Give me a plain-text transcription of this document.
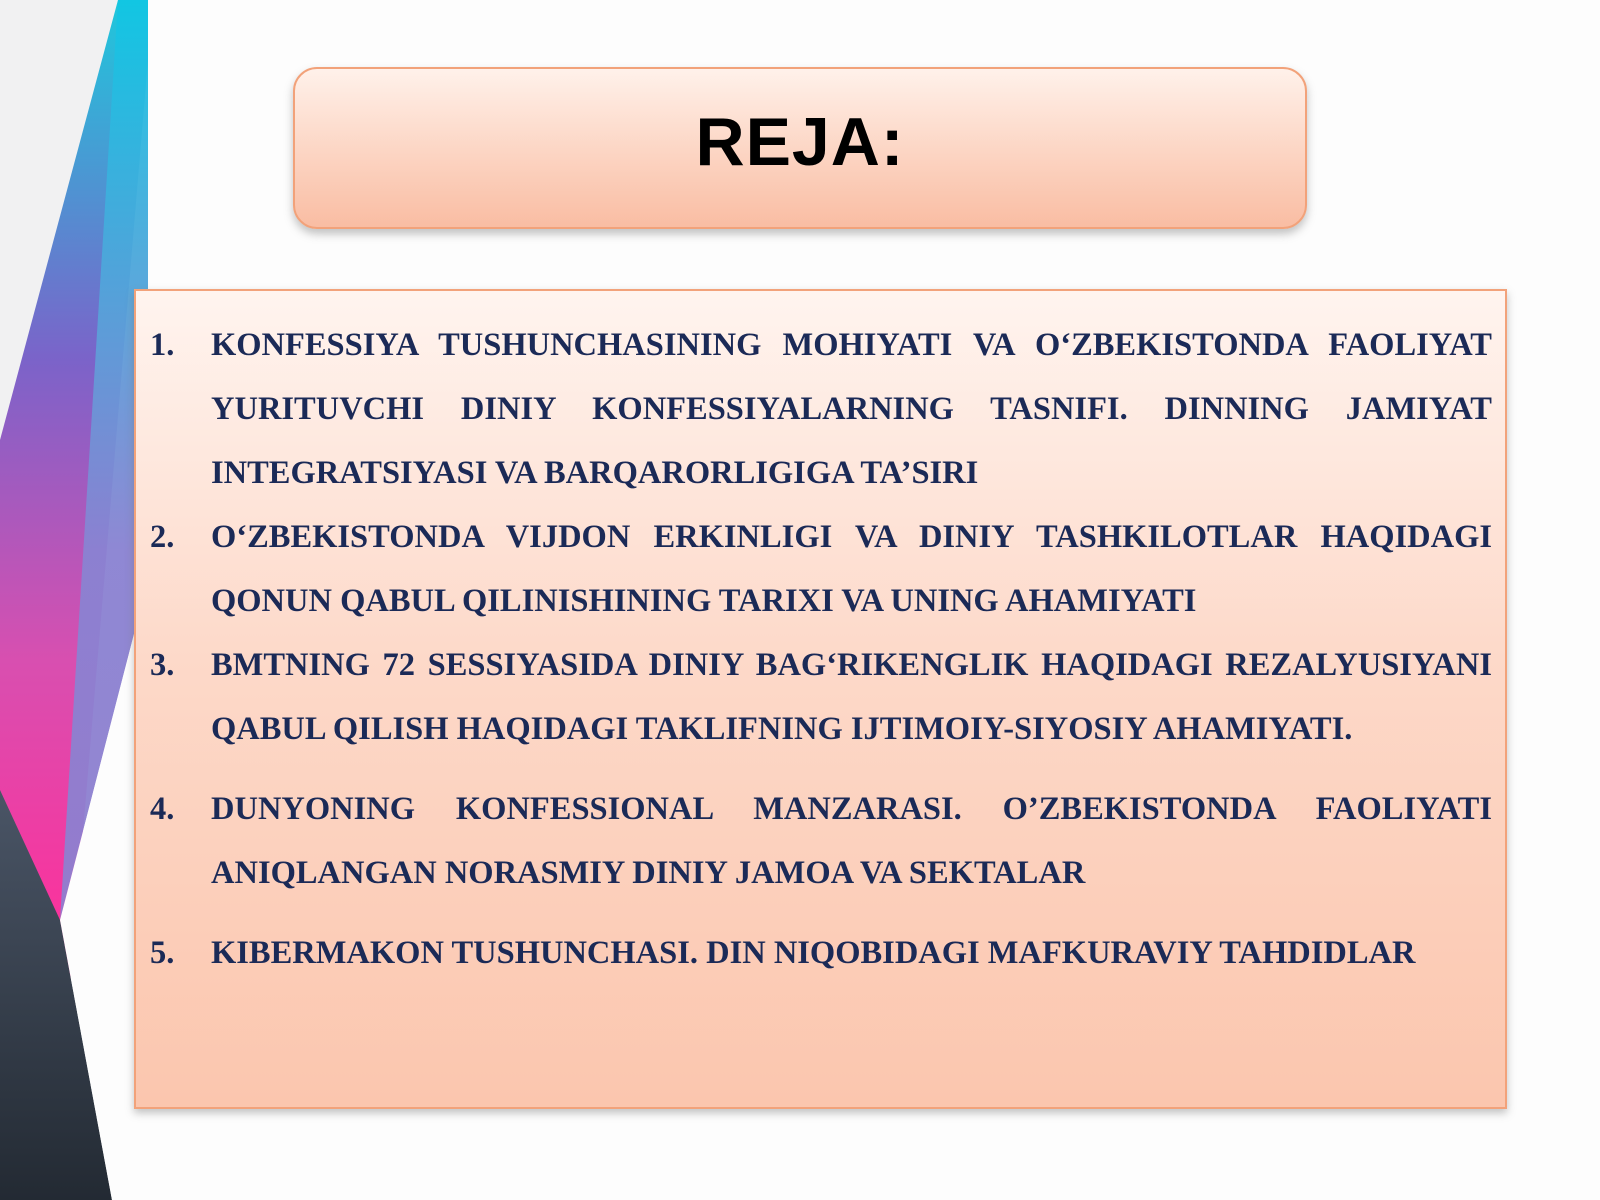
REJA:
1.	KONFESSIYA TUSHUNCHASINING MOHIYATI VA O‘ZBEKISTONDA FAOLIYAT YURITUVCHI DINIY KONFESSIYALARNING TASNIFI. DINNING JAMIYAT INTEGRATSIYASI VA BARQARORLIGIGA TA’SIRI
2.	O‘ZBEKISTONDA VIJDON ERKINLIGI VA DINIY TASHKILOTLAR HAQIDAGI QONUN QABUL QILINISHINING TARIXI VA UNING AHAMIYATI
3.	BMTNING 72 SESSIYASIDA DINIY BAG‘RIKENGLIK HAQIDAGI REZALYUSIYANI QABUL QILISH HAQIDAGI TAKLIFNING IJTIMOIY-SIYOSIY AHAMIYATI.
4.	DUNYONING KONFESSIONAL MANZARASI. O’ZBEKISTONDA FAOLIYATI ANIQLANGAN NORASMIY DINIY JAMOA VA SEKTALAR
5.	KIBERMAKON TUSHUNCHASI. DIN NIQOBIDAGI MAFKURAVIY TAHDIDLAR
